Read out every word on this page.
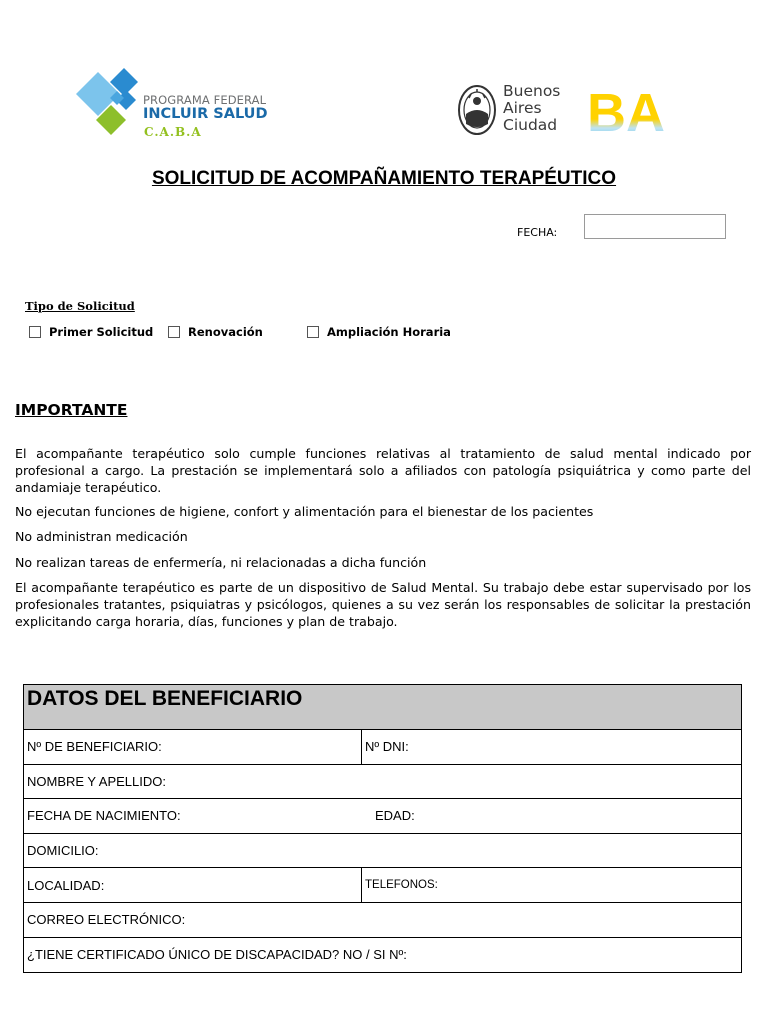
PROGRAMA FEDERAL
INCLUIR SALUD
C.A.B.A
Buenos
Aires
Ciudad BA
SOLICITUD DE ACOMPAÑAMIENTO TERAPÉUTICO
FECHA:
Tipo de Solicitud
Primer Solicitud	Renovación	Ampliación Horaria
IMPORTANTE

El acompañante terapéutico solo cumple funciones relativas al tratamiento de salud mental indicado por profesional a cargo. La prestación se implementará solo a afiliados con patología psiquiátrica y como parte del andamiaje terapéutico.

No ejecutan funciones de higiene, confort y alimentación para el bienestar de los pacientes

No administran medicación

No realizan tareas de enfermería, ni relacionadas a dicha función

El acompañante terapéutico es parte de un dispositivo de Salud Mental. Su trabajo debe estar supervisado por los profesionales tratantes, psiquiatras y psicólogos, quienes a su vez serán los responsables de solicitar la prestación explicitando carga horaria, días, funciones y plan de trabajo.

DATOS DEL BENEFICIARIO
Nº DE BENEFICIARIO:	Nº DNI:
NOMBRE Y APELLIDO:
FECHA DE NACIMIENTO:	EDAD:
DOMICILIO:
LOCALIDAD:	TELEFONOS:
CORREO ELECTRÓNICO:
¿TIENE CERTIFICADO ÚNICO DE DISCAPACIDAD? NO / SI Nº:
